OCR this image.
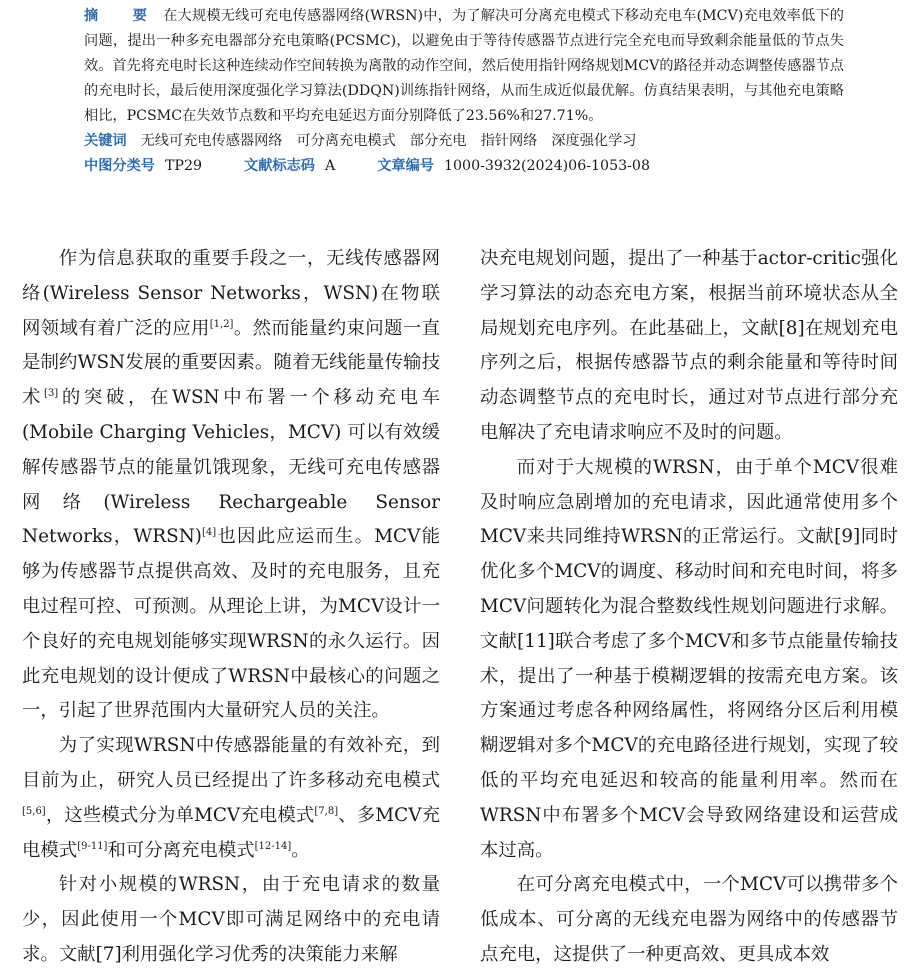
摘　要 在大规模无线可充电传感器网络(WRSN)中，为了解决可分离充电模式下移动充电车(MCV)充电效率低下的问题，提出一种多充电器部分充电策略(PCSMC)，以避免由于等待传感器节点进行完全充电而导致剩余能量低的节点失效。首先将充电时长这种连续动作空间转换为离散的动作空间，然后使用指针网络规划MCV的路径并动态调整传感器节点的充电时长，最后使用深度强化学习算法(DDQN)训练指针网络，从而生成近似最优解。仿真结果表明，与其他充电策略相比，PCSMC在失效节点数和平均充电延迟方面分别降低了23.56%和27.71%。

关键词 无线可充电传感器网络 可分离充电模式 部分充电 指针网络 深度强化学习

中图分类号 TP29	文献标志码 A	文章编号 1000-3932(2024)06-1053-08

作为信息获取的重要手段之一，无线传感器网络(Wireless Sensor Networks，WSN)在物联网领域有着广泛的应用[1,2]。然而能量约束问题一直是制约WSN发展的重要因素。随着无线能量传输技术[3]的突破，在WSN中布署一个移动充电车(Mobile Charging Vehicles，MCV) 可以有效缓解传感器节点的能量饥饿现象，无线可充电传感器网络(Wireless Rechargeable Sensor Networks，WRSN)[4]也因此应运而生。MCV能够为传感器节点提供高效、及时的充电服务，且充电过程可控、可预测。从理论上讲，为MCV设计一个良好的充电规划能够实现WRSN的永久运行。因此充电规划的设计便成了WRSN中最核心的问题之一，引起了世界范围内大量研究人员的关注。

为了实现WRSN中传感器能量的有效补充，到目前为止，研究人员已经提出了许多移动充电模式[5,6]，这些模式分为单MCV充电模式[7,8]、多MCV充电模式[9-11]和可分离充电模式[12-14]。

针对小规模的WRSN，由于充电请求的数量少，因此使用一个MCV即可满足网络中的充电请求。文献[7]利用强化学习优秀的决策能力来解

决充电规划问题，提出了一种基于actor-critic强化学习算法的动态充电方案，根据当前环境状态从全局规划充电序列。在此基础上，文献[8]在规划充电序列之后，根据传感器节点的剩余能量和等待时间动态调整节点的充电时长，通过对节点进行部分充电解决了充电请求响应不及时的问题。

而对于大规模的WRSN，由于单个MCV很难及时响应急剧增加的充电请求，因此通常使用多个MCV来共同维持WRSN的正常运行。文献[9]同时优化多个MCV的调度、移动时间和充电时间，将多MCV问题转化为混合整数线性规划问题进行求解。文献[11]联合考虑了多个MCV和多节点能量传输技术，提出了一种基于模糊逻辑的按需充电方案。该方案通过考虑各种网络属性，将网络分区后利用模糊逻辑对多个MCV的充电路径进行规划，实现了较低的平均充电延迟和较高的能量利用率。然而在WRSN中布署多个MCV会导致网络建设和运营成本过高。

在可分离充电模式中，一个MCV可以携带多个低成本、可分离的无线充电器为网络中的传感器节点充电，这提供了一种更高效、更具成本效
